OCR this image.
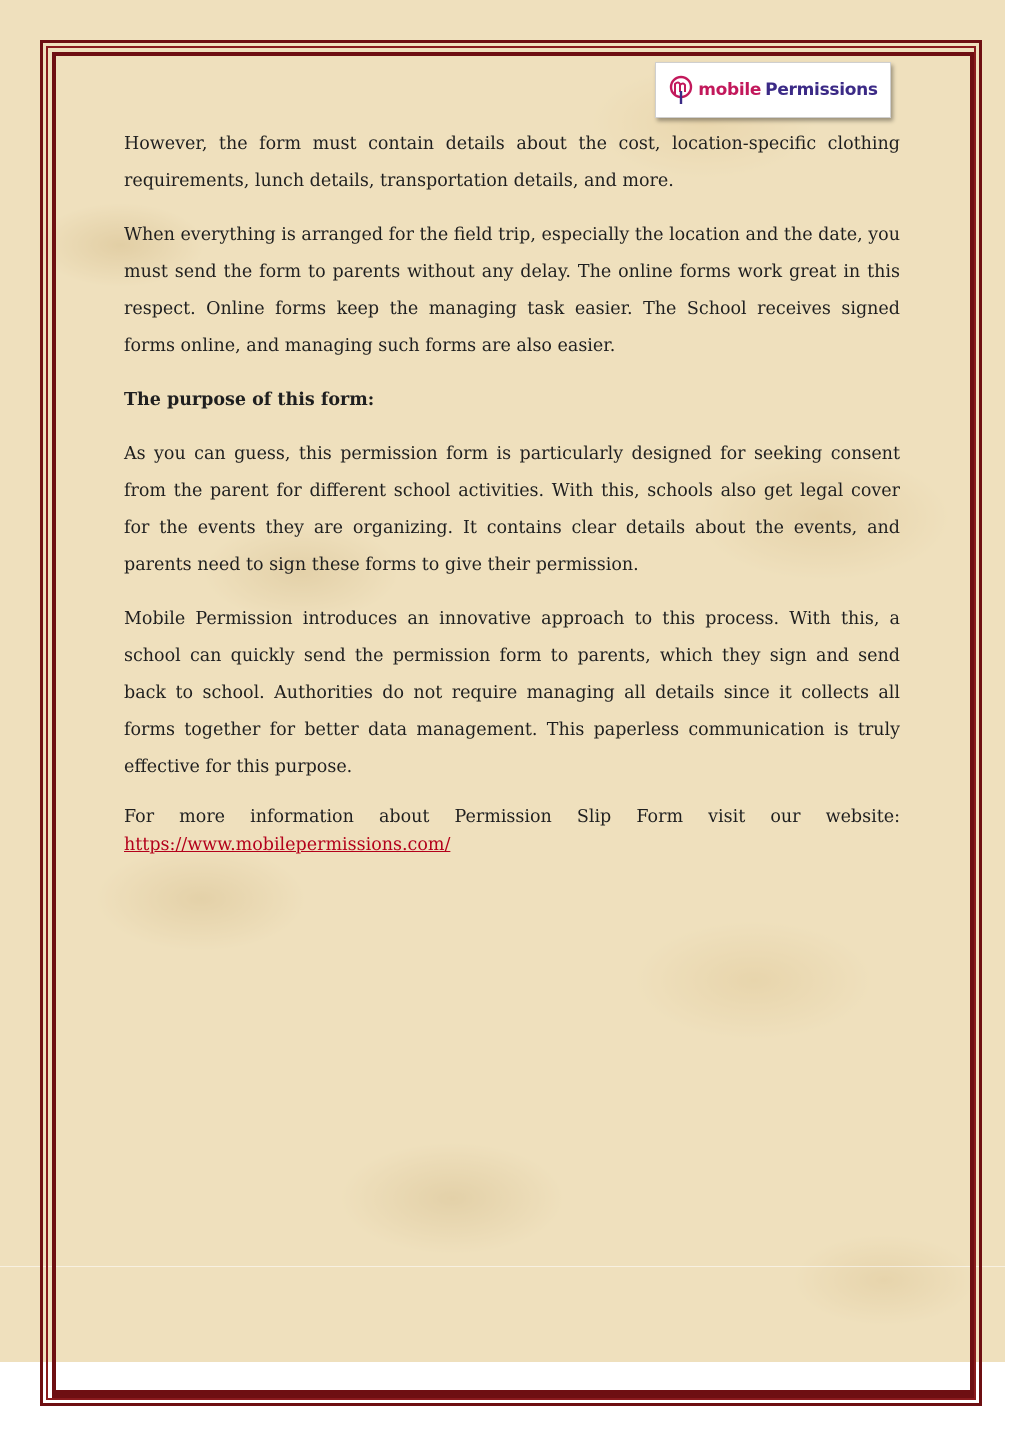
mobile Permissions

However, the form must contain details about the cost, location-specific clothing requirements, lunch details, transportation details, and more.

When everything is arranged for the field trip, especially the location and the date, you must send the form to parents without any delay. The online forms work great in this respect. Online forms keep the managing task easier. The School receives signed forms online, and managing such forms are also easier.

The purpose of this form:

As you can guess, this permission form is particularly designed for seeking consent from the parent for different school activities. With this, schools also get legal cover for the events they are organizing. It contains clear details about the events, and parents need to sign these forms to give their permission.

Mobile Permission introduces an innovative approach to this process. With this, a school can quickly send the permission form to parents, which they sign and send back to school. Authorities do not require managing all details since it collects all forms together for better data management. This paperless communication is truly effective for this purpose.

For more information about Permission Slip Form visit our website: https://www.mobilepermissions.com/
